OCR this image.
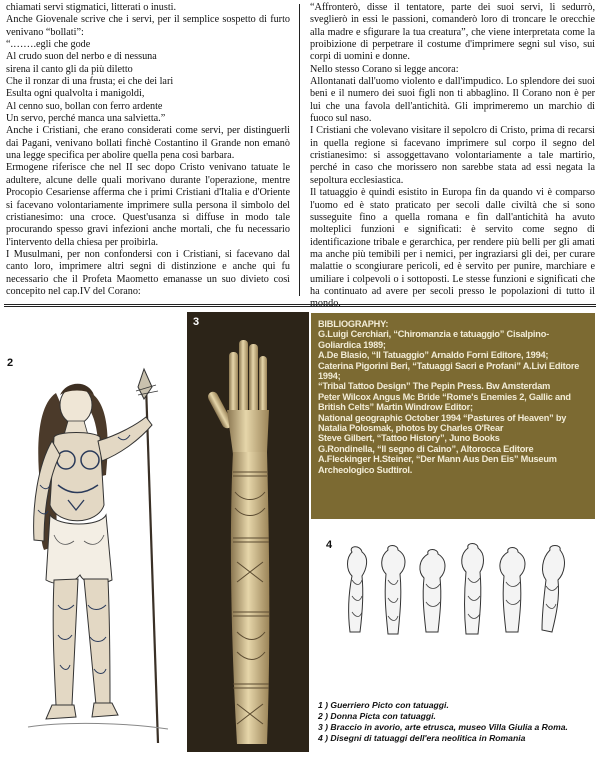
chiamati servi stigmatici, litterati o inusti.

Anche Giovenale scrive che i servi, per il semplice sospetto di furto venivano “bollati”:

“.…….egli che gode

Al crudo suon del nerbo e di nessuna

sirena il canto gli da più diletto

Che il ronzar di una frusta; ei che dei lari

Esulta ogni qualvolta i manigoldi,

Al cenno suo, bollan con ferro ardente

Un servo, perché manca una salvietta.”

Anche i Cristiani, che erano considerati come servi, per distinguerli dai Pagani, venivano bollati finchè Costantino il Grande non emanò una legge specifica per abolire quella pena così barbara.

Ermogene riferisce che nel II sec dopo Cristo venivano tatuate le adultere, alcune delle quali morivano durante l'operazione, mentre Procopio Cesariense afferma che i primi Cristiani d'Italia e d'Oriente si facevano volontariamente imprimere sulla persona il simbolo del cristianesimo: una croce. Quest'usanza si diffuse in modo tale procurando spesso gravi infezioni anche mortali, che fu necessario l'intervento della chiesa per proibirla.

I Musulmani, per non confondersi con i Cristiani, si facevano dal canto loro, imprimere altri segni di distinzione e anche qui fu necessario che il Profeta Maometto emanasse un suo divieto così concepito nel cap.IV del Corano:

“Affronterò, disse il tentatore, parte dei suoi servi, li sedurrò, sveglierò in essi le passioni, comanderò loro di troncare le orecchie alla madre e sfigurare la tua creatura”, che viene interpretata come la proibizione di perpetrare il costume d'imprimere segni sul viso, sui corpi di uomini e donne.

Nello stesso Corano si legge ancora:

Allontanati dall'uomo violento e dall'impudico. Lo splendore dei suoi beni e il numero dei suoi figli non ti abbaglino. Il Corano non è per lui che una favola dell'antichità. Gli imprimeremo un marchio di fuoco sul naso.

I Cristiani che volevano visitare il sepolcro di Cristo, prima di recarsi in quella regione si facevano imprimere sul corpo il segno del cristianesimo: si assoggettavano volontariamente a tale martirio, perché in caso che morissero non sarebbe stata ad essi negata la sepoltura ecclesiastica.

Il tatuaggio è quindi esistito in Europa fin da quando vi è comparso l'uomo ed è stato praticato per secoli dalle civiltà che si sono susseguite fino a quella romana e fin dall'antichità ha avuto molteplici funzioni e significati: è servito come segno di identificazione tribale e gerarchica, per rendere più belli per gli amati ma anche più temibili per i nemici, per ingraziarsi gli dei, per curare malattie o scongiurare pericoli, ed è servito per punire, marchiare e umiliare i colpevoli o i sottoposti. Le stesse funzioni e significati che ha continuato ad avere per secoli presso le popolazioni di tutto il mondo.

2
3	BIBLIOGRAPHY:
G.Luigi Cerchiari, “Chiromanzia e tatuaggio” Cisalpino-Goliardica 1989;
A.De Blasio, “Il Tatuaggio” Arnaldo Forni Editore, 1994;
Caterina Pigorini Beri, “Tatuaggi Sacri e Profani” A.Livi Editore 1994;
“Tribal Tattoo Design” The Pepin Press. Bw Amsterdam
Peter Wilcox Angus Mc Bride “Rome's Enemies 2, Gallic and British Celts” Martin Windrow Editor;
National geographic October 1994 “Pastures of Heaven” by Natalia Polosmak, photos by Charles O'Rear
Steve Gilbert, “Tattoo History”, Juno Books
G.Rondinella, “Il segno di Caino”, Altorocca Editore
A.Fleckinger H.Steiner, “Der Mann Aus Den Eis” Museum Archeologico Sudtirol.
4
1 ) Guerriero Picto con tatuaggi.
2 ) Donna Picta con tatuaggi.
3 ) Braccio in avorio, arte etrusca, museo Villa Giulia a Roma.
4 ) Disegni di tatuaggi dell'era neolitica in Romania
